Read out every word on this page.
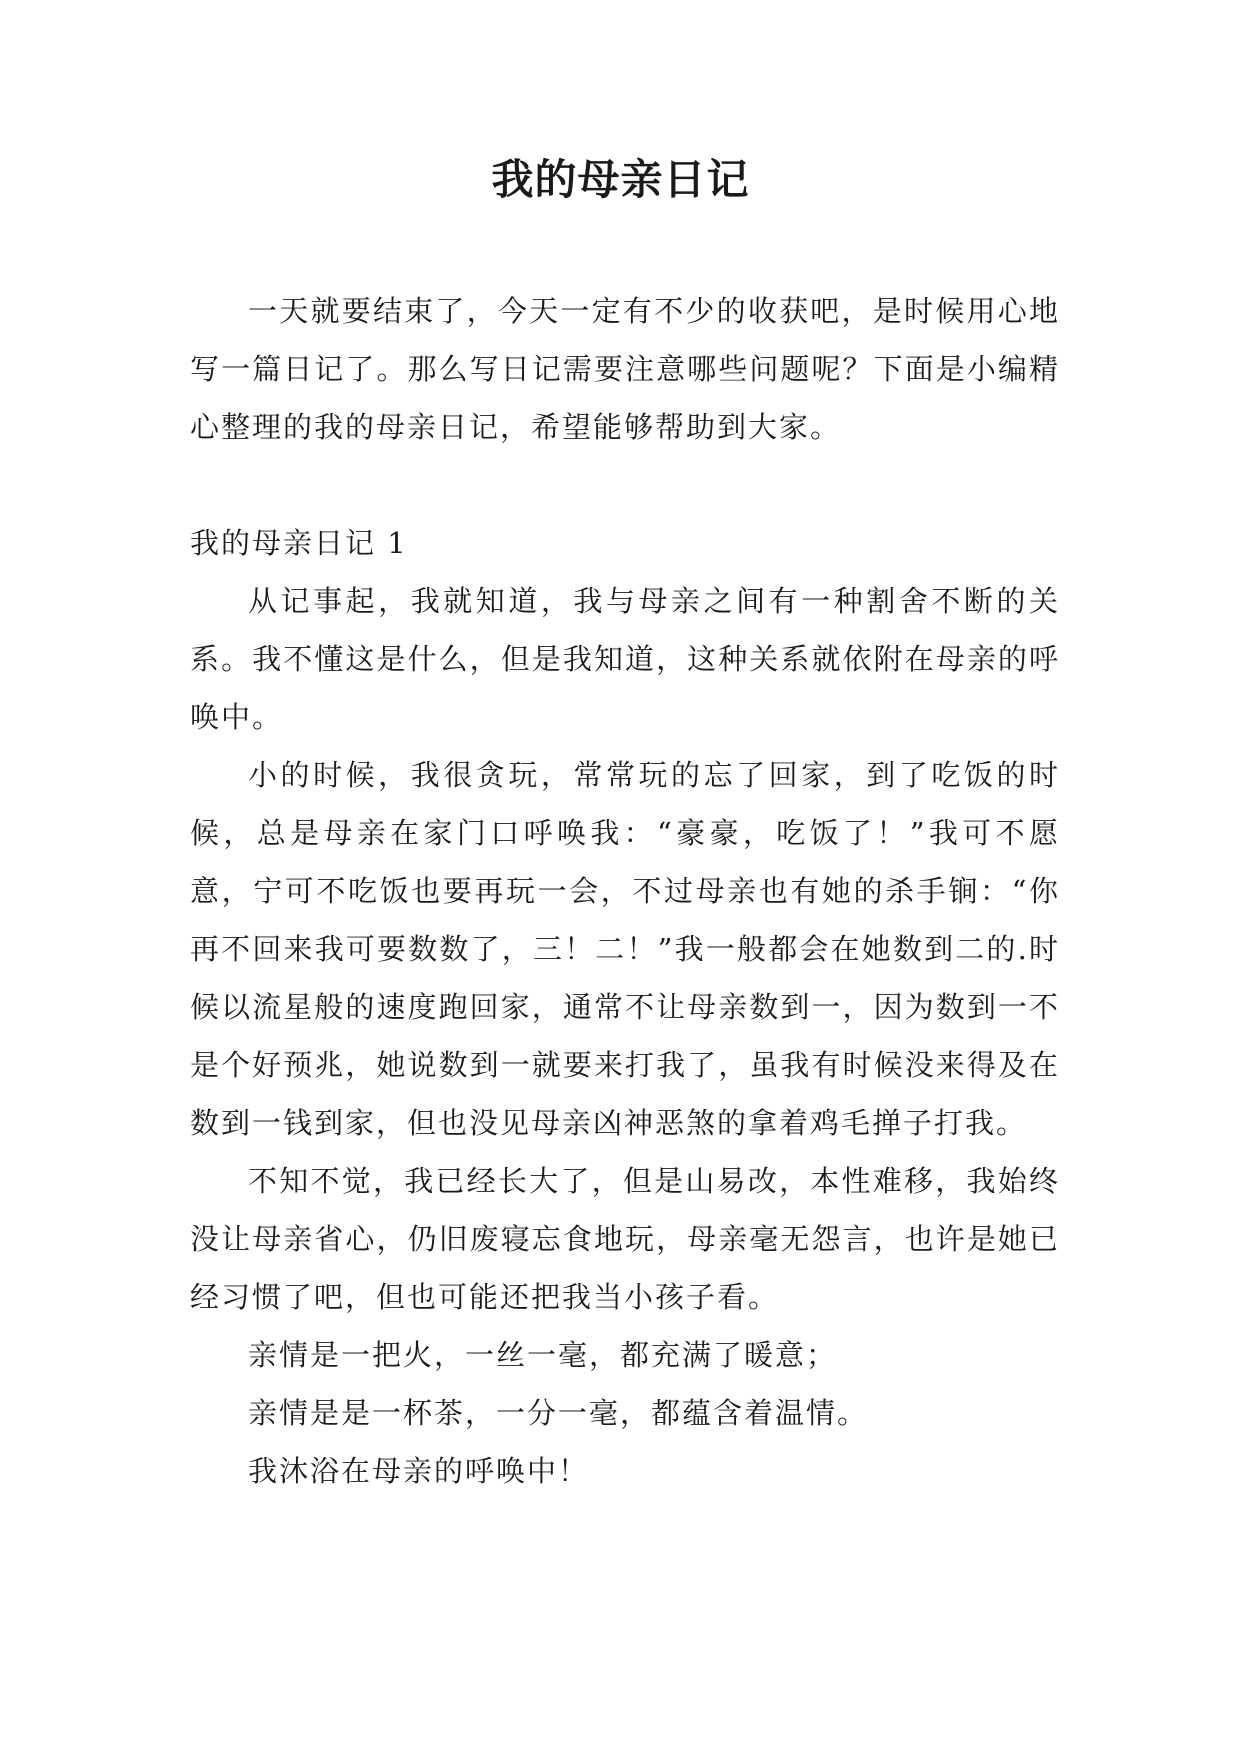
我的母亲日记

一天就要结束了，今天一定有不少的收获吧，是时候用心地写一篇日记了。那么写日记需要注意哪些问题呢？下面是小编精心整理的我的母亲日记，希望能够帮助到大家。

我的母亲日记 1

从记事起，我就知道，我与母亲之间有一种割舍不断的关系。我不懂这是什么，但是我知道，这种关系就依附在母亲的呼唤中。

小的时候，我很贪玩，常常玩的忘了回家，到了吃饭的时候，总是母亲在家门口呼唤我：“豪豪，吃饭了！”我可不愿意，宁可不吃饭也要再玩一会，不过母亲也有她的杀手锏：“你再不回来我可要数数了，三！二！”我一般都会在她数到二的.时候以流星般的速度跑回家，通常不让母亲数到一，因为数到一不是个好预兆，她说数到一就要来打我了，虽我有时候没来得及在数到一钱到家，但也没见母亲凶神恶煞的拿着鸡毛掸子打我。

不知不觉，我已经长大了，但是山易改，本性难移，我始终没让母亲省心，仍旧废寝忘食地玩，母亲毫无怨言，也许是她已经习惯了吧，但也可能还把我当小孩子看。

亲情是一把火，一丝一毫，都充满了暖意；

亲情是是一杯茶，一分一毫，都蕴含着温情。

我沐浴在母亲的呼唤中！
